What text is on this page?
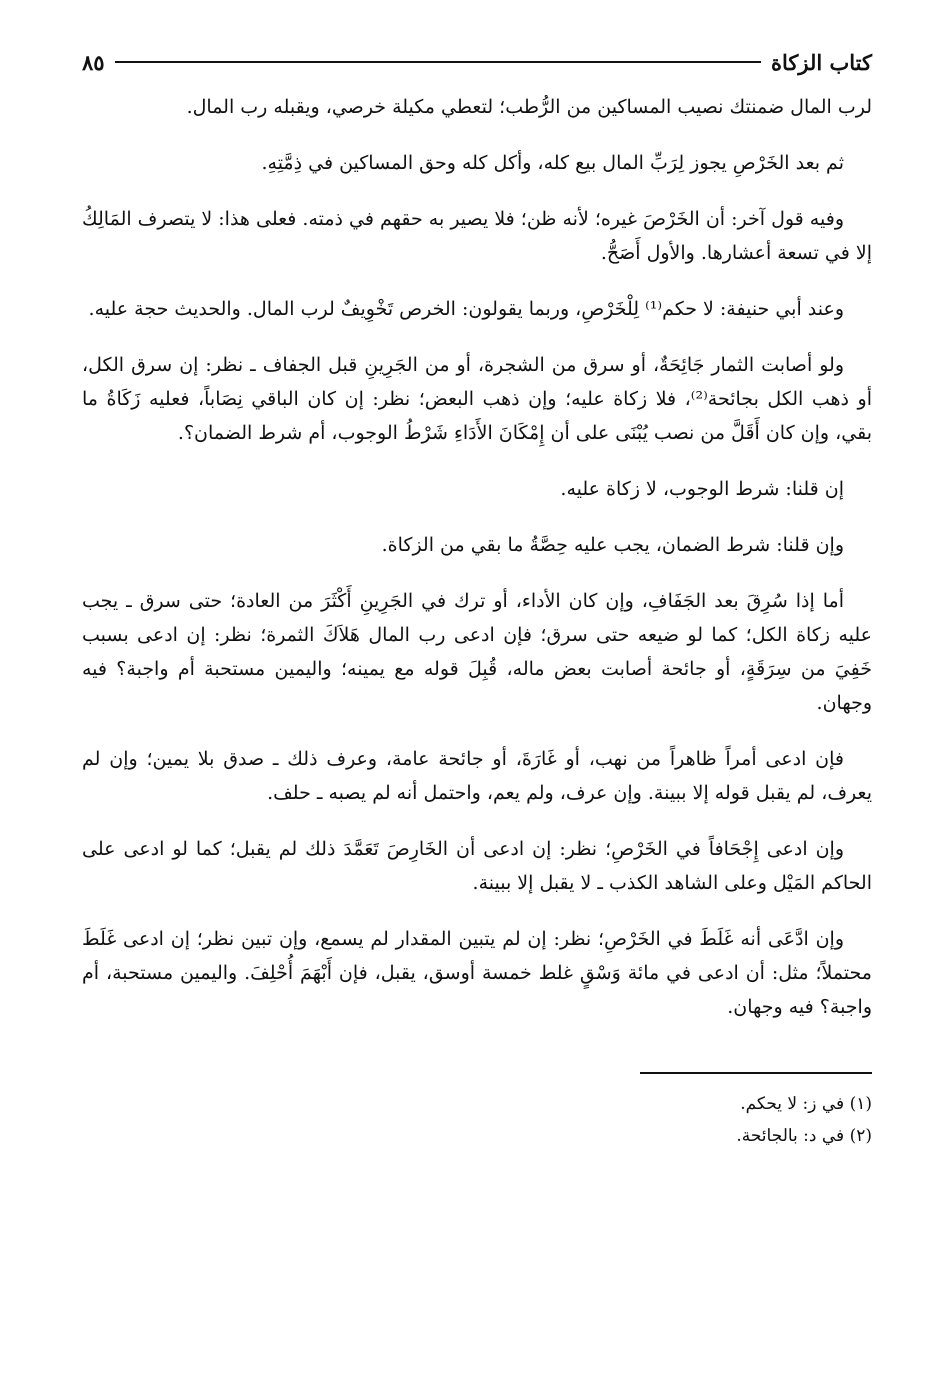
كتاب الزكاة
٨٥

لرب المال ضمنتك نصيب المساكين من الرُّطب؛ لتعطي مكيلة خرصي، ويقبله رب المال.

ثم بعد الخَرْصِ يجوز لِرَبِّ المال بيع كله، وأكل كله وحق المساكين في ذِمَّتِهِ.

وفيه قول آخر: أن الخَرْصَ غيره؛ لأنه ظن؛ فلا يصير به حقهم في ذمته. فعلى هذا: لا يتصرف المَالِكُ إلا في تسعة أعشارها. والأول أَصَحُّ.

وعند أبي حنيفة: لا حكم⁽¹⁾ لِلْخَرْصِ، وربما يقولون: الخرص تَخْوِيفٌ لرب المال. والحديث حجة عليه.

ولو أصابت الثمار جَائِحَةٌ، أو سرق من الشجرة، أو من الجَرِينِ قبل الجفاف ـ نظر: إن سرق الكل، أو ذهب الكل بجائحة⁽²⁾، فلا زكاة عليه؛ وإن ذهب البعض؛ نظر: إن كان الباقي نِصَاباً، فعليه زَكَاةُ ما بقي، وإن كان أَقَلَّ من نصب يُبْنَى على أن إِمْكَانَ الأَدَاءِ شَرْطُ الوجوب، أم شرط الضمان؟.

إن قلنا: شرط الوجوب، لا زكاة عليه.

وإن قلنا: شرط الضمان، يجب عليه حِصَّةُ ما بقي من الزكاة.

أما إذا سُرِقَ بعد الجَفَافِ، وإن كان الأداء، أو ترك في الجَرِينِ أَكْثَرَ من العادة؛ حتى سرق ـ يجب عليه زكاة الكل؛ كما لو ضيعه حتى سرق؛ فإن ادعى رب المال هَلاَكَ الثمرة؛ نظر: إن ادعى بسبب خَفِيَ من سِرَقَةٍ، أو جائحة أصابت بعض ماله، قُبِلَ قوله مع يمينه؛ واليمين مستحبة أم واجبة؟ فيه وجهان.

فإن ادعى أمراً ظاهراً من نهب، أو غَارَةَ، أو جائحة عامة، وعرف ذلك ـ صدق بلا يمين؛ وإن لم يعرف، لم يقبل قوله إلا ببينة. وإن عرف، ولم يعم، واحتمل أنه لم يصبه ـ حلف.

وإن ادعى إِجْحَافاً في الخَرْصِ؛ نظر: إن ادعى أن الخَارِصَ تَعَمَّدَ ذلك لم يقبل؛ كما لو ادعى على الحاكم المَيْل وعلى الشاهد الكذب ـ لا يقبل إلا ببينة.

وإن ادَّعَى أنه غَلَطَ في الخَرْصِ؛ نظر: إن لم يتبين المقدار لم يسمع، وإن تبين نظر؛ إن ادعى غَلَطَ محتملاً؛ مثل: أن ادعى في مائة وَسْقٍ غلط خمسة أوسق، يقبل، فإن أَبْهَمَ أُحْلِفَ. واليمين مستحبة، أم واجبة؟ فيه وجهان.

(١) في ز: لا يحكم.

(٢) في د: بالجائحة.
